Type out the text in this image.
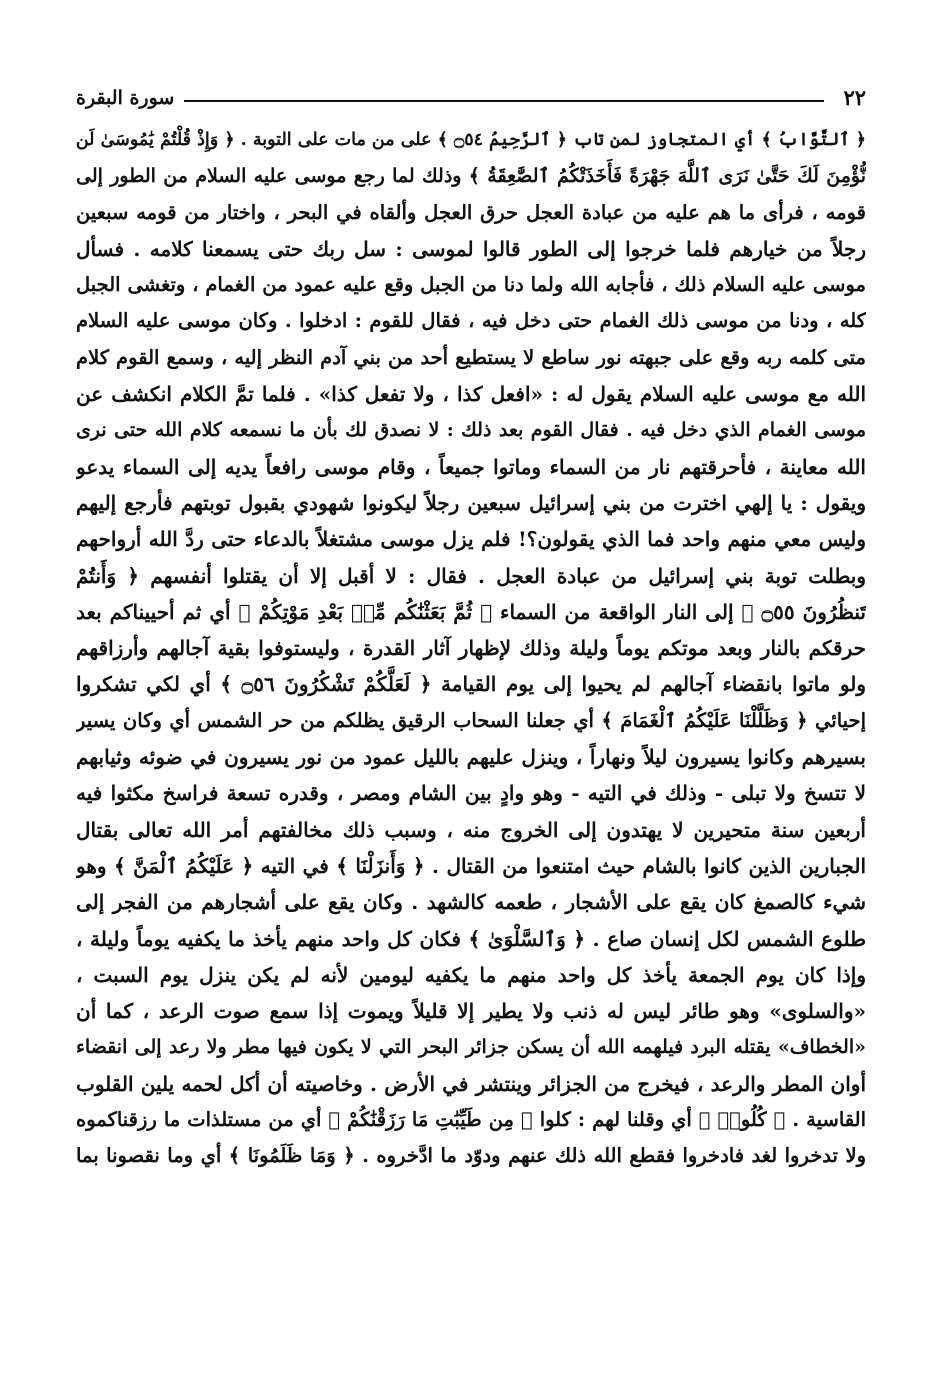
٢٢
سورة البقرة
﴿ ٱلتَّوَّابُ ﴾ أي المتجاوز لمن تاب ﴿ ٱلرَّحِيمُ ۝٥٤ ﴾ على من مات على التوبة . ﴿ وَإِذْ قُلْتُمْ يَٰمُوسَىٰ لَن
نُّؤْمِنَ لَكَ حَتَّىٰ نَرَى ٱللَّهَ جَهْرَةً فَأَخَذَتْكُمُ ٱلصَّٰعِقَةُ ﴾ وذلك لما رجع موسى عليه السلام من الطور إلى
قومه ، فرأى ما هم عليه من عبادة العجل حرق العجل وألقاه في البحر ، واختار من قومه سبعين
رجلاً من خيارهم فلما خرجوا إلى الطور قالوا لموسى : سل ربك حتى يسمعنا كلامه . فسأل
موسى عليه السلام ذلك ، فأجابه الله ولما دنا من الجبل وقع عليه عمود من الغمام ، وتغشى الجبل
كله ، ودنا من موسى ذلك الغمام حتى دخل فيه ، فقال للقوم : ادخلوا . وكان موسى عليه السلام
متى كلمه ربه وقع على جبهته نور ساطع لا يستطيع أحد من بني آدم النظر إليه ، وسمع القوم كلام
الله مع موسى عليه السلام يقول له : «افعل كذا ، ولا تفعل كذا» . فلما تمَّ الكلام انكشف عن
موسى الغمام الذي دخل فيه . فقال القوم بعد ذلك : لا نصدق لك بأن ما نسمعه كلام الله حتى نرى
الله معاينة ، فأحرقتهم نار من السماء وماتوا جميعاً ، وقام موسى رافعاً يديه إلى السماء يدعو
ويقول : يا إلهي اخترت من بني إسرائيل سبعين رجلاً ليكونوا شهودي بقبول توبتهم فأرجع إليهم
وليس معي منهم واحد فما الذي يقولون؟! فلم يزل موسى مشتغلاً بالدعاء حتى ردَّ الله أرواحهم
وبطلت توبة بني إسرائيل من عبادة العجل . فقال : لا أقبل إلا أن يقتلوا أنفسهم ﴿ وَأَنتُمْ
تَنظُرُونَ ۝٥٥ ﴾ إلى النار الواقعة من السماء ﴿ ثُمَّ بَعَثْنَٰكُم مِّنۢ بَعْدِ مَوْتِكُمْ ﴾ أي ثم أحييناكم بعد
حرقكم بالنار وبعد موتكم يوماً وليلة وذلك لإظهار آثار القدرة ، وليستوفوا بقية آجالهم وأرزاقهم
ولو ماتوا بانقضاء آجالهم لم يحيوا إلى يوم القيامة ﴿ لَعَلَّكُمْ تَشْكُرُونَ ۝٥٦ ﴾ أي لكي تشكروا
إحيائي ﴿ وَظَلَّلْنَا عَلَيْكُمُ ٱلْغَمَامَ ﴾ أي جعلنا السحاب الرقيق يظلكم من حر الشمس أي وكان يسير
بسيرهم وكانوا يسيرون ليلاً ونهاراً ، وينزل عليهم بالليل عمود من نور يسيرون في ضوئه وثيابهم
لا تتسخ ولا تبلى - وذلك في التيه - وهو وادٍ بين الشام ومصر ، وقدره تسعة فراسخ مكثوا فيه
أربعين سنة متحيرين لا يهتدون إلى الخروج منه ، وسبب ذلك مخالفتهم أمر الله تعالى بقتال
الجبارين الذين كانوا بالشام حيث امتنعوا من القتال . ﴿ وَأَنزَلْنَا ﴾ في التيه ﴿ عَلَيْكُمُ ٱلْمَنَّ ﴾ وهو
شيء كالصمغ كان يقع على الأشجار ، طعمه كالشهد . وكان يقع على أشجارهم من الفجر إلى
طلوع الشمس لكل إنسان صاع . ﴿ وَٱلسَّلْوَىٰ ﴾ فكان كل واحد منهم يأخذ ما يكفيه يوماً وليلة ،
وإذا كان يوم الجمعة يأخذ كل واحد منهم ما يكفيه ليومين لأنه لم يكن ينزل يوم السبت ،
«والسلوى» وهو طائر ليس له ذنب ولا يطير إلا قليلاً ويموت إذا سمع صوت الرعد ، كما أن
«الخطاف» يقتله البرد فيلهمه الله أن يسكن جزائر البحر التي لا يكون فيها مطر ولا رعد إلى انقضاء
أوان المطر والرعد ، فيخرج من الجزائر وينتشر في الأرض . وخاصيته أن أكل لحمه يلين القلوب
القاسية . ﴿ كُلُوا۟ ﴾ أي وقلنا لهم : كلوا ﴿ مِن طَيِّبَٰتِ مَا رَزَقْنَٰكُمْ ﴾ أي من مستلذات ما رزقناكموه
ولا تدخروا لغد فادخروا فقطع الله ذلك عنهم ودوّد ما ادَّخروه . ﴿ وَمَا ظَلَمُونَا ﴾ أي وما نقصونا بما
